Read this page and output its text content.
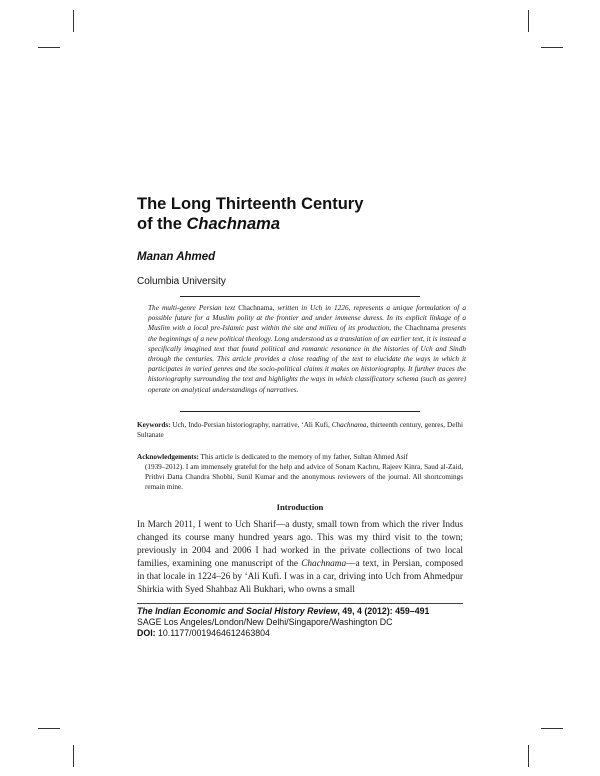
The Long Thirteenth Century
of the Chachnama
Manan Ahmed
Columbia University
The multi-genre Persian text Chachnama, written in Uch in 1226, represents a unique formulation of a possible future for a Muslim polity at the frontier and under immense duress. In its explicit linkage of a Muslim with a local pre-Islamic past within the site and milieu of its production, the Chachnama presents the beginnings of a new political theology. Long understood as a translation of an earlier text, it is instead a specifically imagined text that found political and romantic resonance in the histories of Uch and Sindh through the centuries. This article provides a close reading of the text to elucidate the ways in which it participates in varied genres and the socio-political claims it makes on historiography. It further traces the historiography surrounding the text and highlights the ways in which classificatory schema (such as genre) operate on analytical understandings of narratives.
Keywords: Uch, Indo-Persian historiography, narrative, ‘Ali Kufi, Chachnama, thirteenth century, genres, Delhi Sultanate
Acknowledgements: This article is dedicated to the memory of my father, Sultan Ahmed Asif
(1939–2012). I am immensely grateful for the help and advice of Sonam Kachru, Rajeev Kinra, Saud al-Zaid, Prithvi Datta Chandra Shobhi, Sunil Kumar and the anonymous reviewers of the journal. All shortcomings remain mine.
Introduction

In March 2011, I went to Uch Sharif—a dusty, small town from which the river Indus changed its course many hundred years ago. This was my third visit to the town; previously in 2004 and 2006 I had worked in the private collections of two local families, examining one manuscript of the Chachnama—a text, in Persian, composed in that locale in 1224–26 by ‘Ali Kufi. I was in a car, driving into Uch from Ahmedpur Shirkia with Syed Shahbaz Ali Bukhari, who owns a small

The Indian Economic and Social History Review, 49, 4 (2012): 459–491
SAGE Los Angeles/London/New Delhi/Singapore/Washington DC
DOI: 10.1177/0019464612463804
